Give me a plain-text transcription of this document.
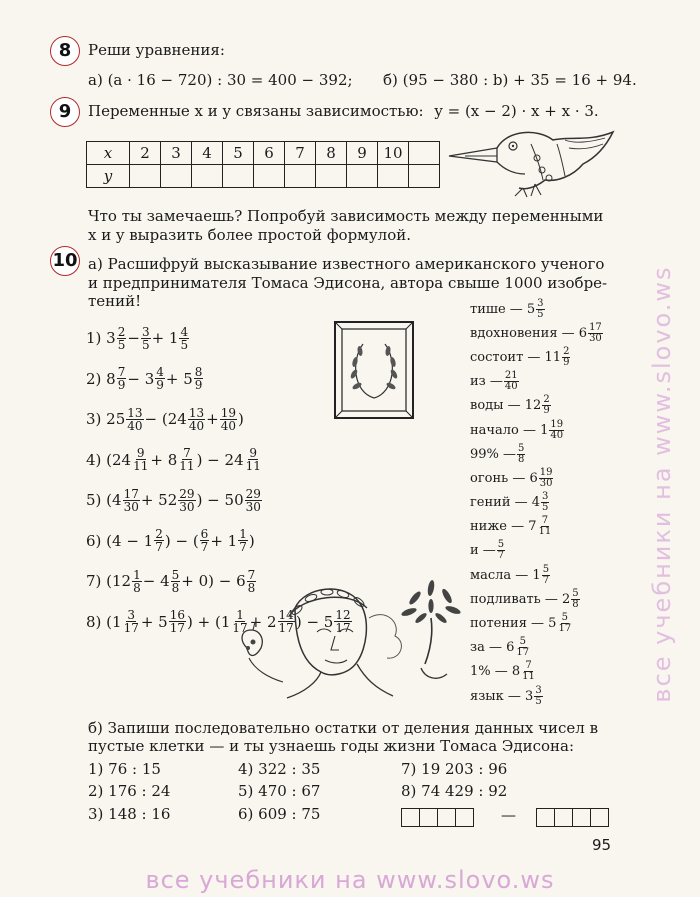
8	Реши уравнения:
а) (a · 16 − 720) : 30 = 400 − 392; б) (95 − 380 : b) + 35 = 16 + 94.
9	Переменные x и y связаны зависимостью: y = (x − 2) · x + x · 3.
x	2	3	4	5	6	7	8	9	10	
y										
Что ты замечаешь? Попробуй зависимость между переменными
x и y выразить более простой формулой.
10 а) Расшифруй высказывание известного американского ученого
и предпринимателя Томаса Эдисона, автора свыше 1000 изобре-
тений!
1) $3 \frac{2}{5} - \frac{3}{5} + 1 \frac{4}{5}$
2) $8 \frac{7}{9} - 3 \frac{4}{9} + 5 \frac{8}{9}$
3) $25 \frac{13}{40} - (24 \frac{13}{40} + \frac{19}{40}$ )
4) ($24 \frac{9}{11} + 8 \frac{7}{11}$ ) − $24 \frac{9}{11}$
5) ($4 \frac{17}{30} + 52 \frac{29}{30}$ ) − $50 \frac{29}{30}$
6) ($4 - 1 \frac{2}{7}$ ) − ( $\frac{6}{7} + 1 \frac{1}{7}$ )
7) $(12 \frac{1}{8} - 4 \frac{5}{8} + 0) - 6 \frac{7}{8}$
8) ($1 \frac{3}{17} + 5 \frac{16}{17}$ ) + ($1 \frac{1}{17} + 2 \frac{14}{17}$ ) − $5 \frac{12}{17}$
тише — $5 \frac{3}{5}$
вдохновения — $6 \frac{17}{30}$
состоит — $11 \frac{2}{9}$
из — $\frac{21}{40}$
воды — $12 \frac{2}{9}$
начало — $1 \frac{19}{40}$
99% — $\frac{5}{8}$
огонь — $6 \frac{19}{30}$
гений — $4 \frac{3}{5}$
ниже — $7 \frac{7}{11}$
и — $\frac{5}{7}$
масла — $1 \frac{5}{7}$
подливать — $2 \frac{5}{8}$
потения — $5 \frac{5}{17}$
за — $6 \frac{5}{17}$
1% — $8 \frac{7}{11}$
язык — $3 \frac{3}{5}$
б) Запиши последовательно остатки от деления данных чисел в
пустые клетки — и ты узнаешь годы жизни Томаса Эдисона:
1) 76 : 15
2) 176 : 24
3) 148 : 16
4) 322 : 35
5) 470 : 67
6) 609 : 75
7) 19 203 : 96
8) 74 429 : 92
—
95
все учебники на www.slovo.ws
все учебники на www.slovo.ws
